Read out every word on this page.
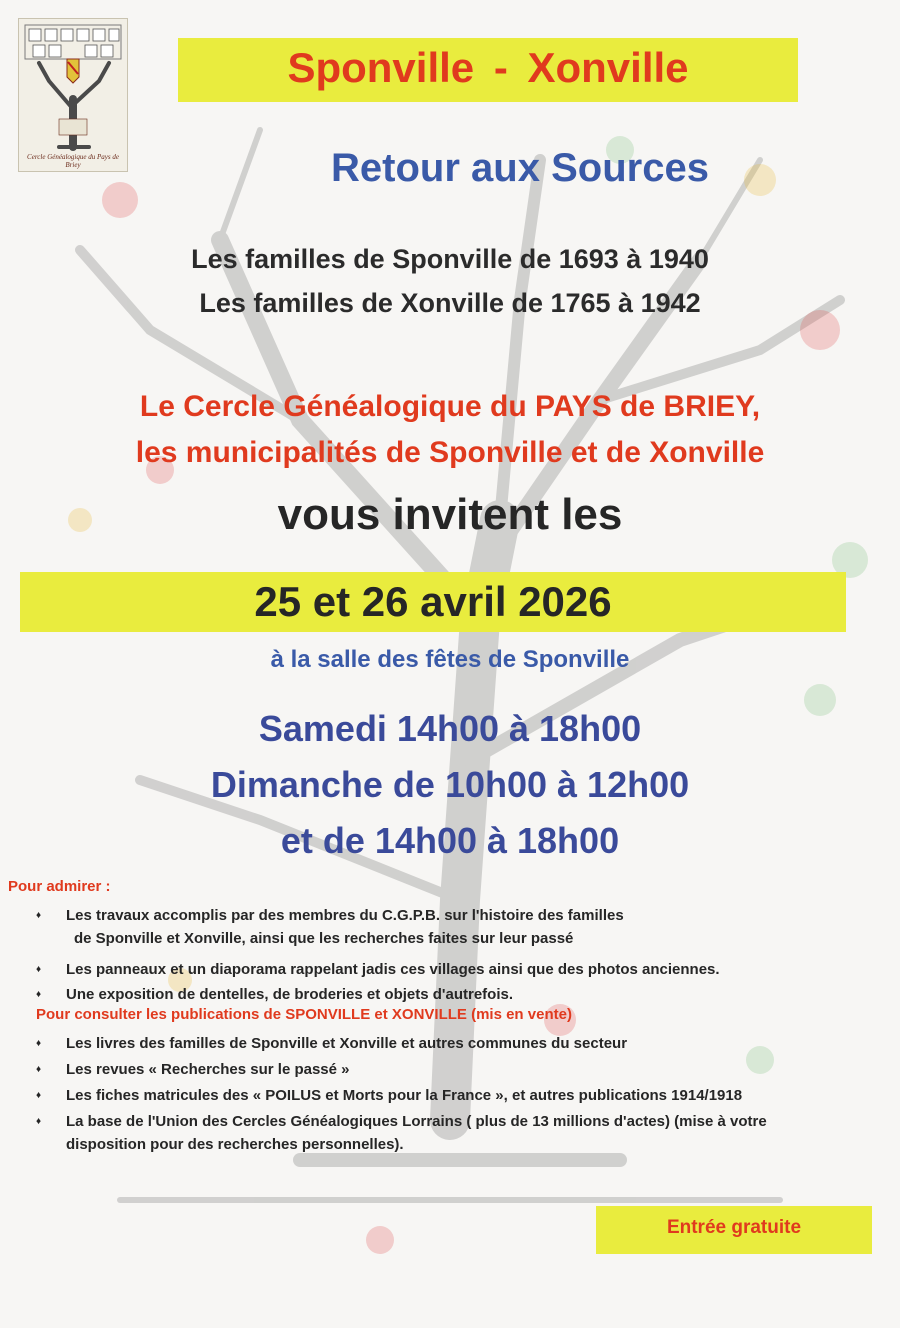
Cercle Généalogique du Pays de Briey
Sponville - Xonville
Retour aux Sources
Les familles de Sponville de 1693 à 1940
Les familles de Xonville de 1765 à 1942
Le Cercle Généalogique du PAYS de BRIEY,
les municipalités de Sponville et de Xonville
vous invitent les
25 et 26 avril 2026
à la salle des fêtes de Sponville
Samedi 14h00 à 18h00
Dimanche de 10h00 à 12h00
et de 14h00 à 18h00
Pour admirer :
♦ Les travaux accomplis par des membres du C.G.P.B. sur l'histoire des familles
de Sponville et Xonville, ainsi que les recherches faites sur leur passé
♦ Les panneaux et un diaporama rappelant jadis ces villages ainsi que des photos anciennes.
♦ Une exposition de dentelles, de broderies et objets d'autrefois.
Pour consulter les publications de SPONVILLE et XONVILLE (mis en vente)
♦ Les livres des familles de Sponville et Xonville et autres communes du secteur
♦ Les revues « Recherches sur le passé »
♦ Les fiches matricules des « POILUS et Morts pour la France », et autres publications 1914/1918
♦ La base de l'Union des Cercles Généalogiques Lorrains ( plus de 13 millions d'actes) (mise à votre
disposition pour des recherches personnelles).
Entrée gratuite
